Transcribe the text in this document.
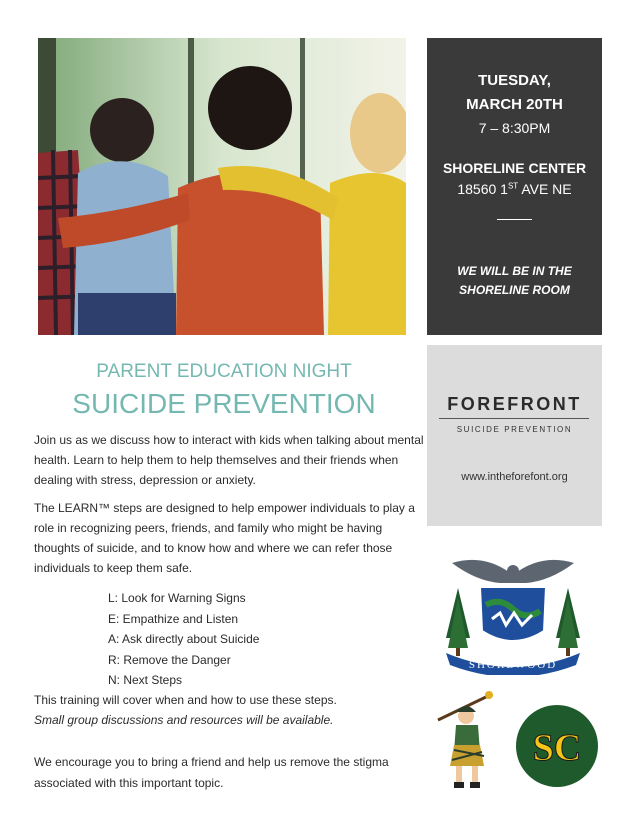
TUESDAY,
MARCH 20TH
7 – 8:30PM
SHORELINE CENTER
18560 1ST AVE NE
WE WILL BE IN THE
SHORELINE ROOM
FOREFRONT
SUICIDE PREVENTION
www.intheforefont.org
PARENT EDUCATION NIGHT
SUICIDE PREVENTION

Join us as we discuss how to interact with kids when talking about mental health. Learn to help them to help themselves and their friends when dealing with stress, depression or anxiety.

The LEARN™ steps are designed to help empower individuals to play a role in recognizing peers, friends, and family who might be having thoughts of suicide, and to know how and where we can refer those individuals to keep them safe.

L: Look for Warning Signs
E: Empathize and Listen
A: Ask directly about Suicide
R: Remove the Danger
N: Next Steps

This training will cover when and how to use these steps.

Small group discussions and resources will be available.

We encourage you to bring a friend and help us remove the stigma associated with this important topic.

SHOREWOOD
SC
